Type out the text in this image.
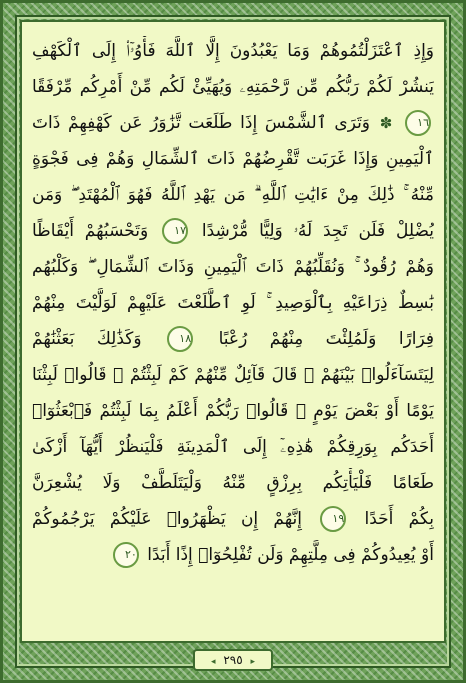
وَإِذِ ٱعْتَزَلْتُمُوهُمْ وَمَا يَعْبُدُونَ إِلَّا ٱللَّهَ فَأْوُۥٓا۟ إِلَى ٱلْكَهْفِ
يَنشُرْ لَكُمْ رَبُّكُم مِّن رَّحْمَتِهِۦ وَيُهَيِّئْ لَكُم مِّنْ أَمْرِكُم مِّرْفَقًا
١٦ ✽ وَتَرَى ٱلشَّمْسَ إِذَا طَلَعَت تَّزَٰوَرُ عَن كَهْفِهِمْ ذَاتَ
ٱلْيَمِينِ وَإِذَا غَرَبَت تَّقْرِضُهُمْ ذَاتَ ٱلشِّمَالِ وَهُمْ فِى فَجْوَةٍ
مِّنْهُ ۚ ذَٰلِكَ مِنْ ءَايَٰتِ ٱللَّهِ ۗ مَن يَهْدِ ٱللَّهُ فَهُوَ ٱلْمُهْتَدِ ۖ وَمَن
يُضْلِلْ فَلَن تَجِدَ لَهُۥ وَلِيًّا مُّرْشِدًا ١٧ وَتَحْسَبُهُمْ أَيْقَاظًا
وَهُمْ رُقُودٌ ۚ وَنُقَلِّبُهُمْ ذَاتَ ٱلْيَمِينِ وَذَاتَ ٱلشِّمَالِ ۖ وَكَلْبُهُم
بَٰسِطٌ ذِرَاعَيْهِ بِٱلْوَصِيدِ ۚ لَوِ ٱطَّلَعْتَ عَلَيْهِمْ لَوَلَّيْتَ مِنْهُمْ
فِرَارًا وَلَمُلِئْتَ مِنْهُمْ رُعْبًا ١٨ وَكَذَٰلِكَ بَعَثْنَٰهُمْ
لِيَتَسَآءَلُوا۟ بَيْنَهُمْ ۚ قَالَ قَآئِلٌ مِّنْهُمْ كَمْ لَبِثْتُمْ ۖ قَالُوا۟ لَبِثْنَا
يَوْمًا أَوْ بَعْضَ يَوْمٍ ۚ قَالُوا۟ رَبُّكُمْ أَعْلَمُ بِمَا لَبِثْتُمْ فَٱبْعَثُوٓا۟
أَحَدَكُم بِوَرِقِكُمْ هَٰذِهِۦٓ إِلَى ٱلْمَدِينَةِ فَلْيَنظُرْ أَيُّهَآ أَزْكَىٰ
طَعَامًا فَلْيَأْتِكُم بِرِزْقٍ مِّنْهُ وَلْيَتَلَطَّفْ وَلَا يُشْعِرَنَّ
بِكُمْ أَحَدًا ١٩ إِنَّهُمْ إِن يَظْهَرُوا۟ عَلَيْكُمْ يَرْجُمُوكُمْ
أَوْ يُعِيدُوكُمْ فِى مِلَّتِهِمْ وَلَن تُفْلِحُوٓا۟ إِذًا أَبَدًا ٢٠
◂ ٢٩٥ ▸
